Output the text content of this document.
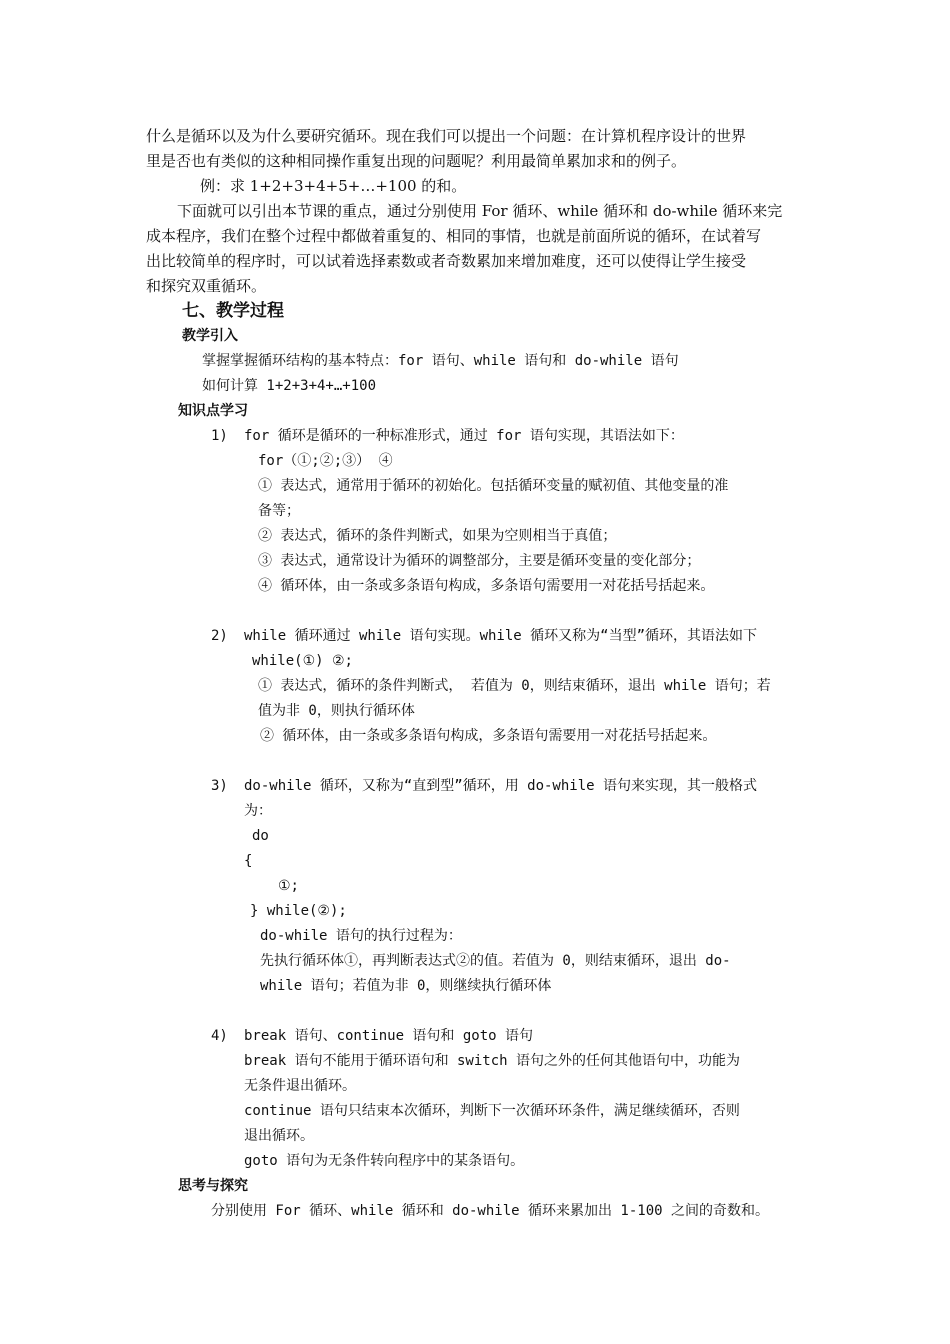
什么是循环以及为什么要研究循环。现在我们可以提出一个问题：在计算机程序设计的世界
里是否也有类似的这种相同操作重复出现的问题呢？利用最简单累加求和的例子。
例：求 1+2+3+4+5+…+100 的和。
下面就可以引出本节课的重点，通过分别使用 For 循环、while 循环和 do-while 循环来完
成本程序，我们在整个过程中都做着重复的、相同的事情，也就是前面所说的循环，在试着写
出比较简单的程序时，可以试着选择素数或者奇数累加来增加难度，还可以使得让学生接受
和探究双重循环。
七、教学过程
教学引入
掌握掌握循环结构的基本特点：for 语句、while 语句和 do-while 语句
如何计算 1+2+3+4+…+100
知识点学习
1) for 循环是循环的一种标准形式，通过 for 语句实现，其语法如下：
for（①;②;③） ④
① 表达式，通常用于循环的初始化。包括循环变量的赋初值、其他变量的准
备等；
② 表达式，循环的条件判断式，如果为空则相当于真值；
③ 表达式，通常设计为循环的调整部分，主要是循环变量的变化部分；
④ 循环体，由一条或多条语句构成，多条语句需要用一对花括号括起来。
2) while 循环通过 while 语句实现。while 循环又称为“当型”循环，其语法如下
while(①) ②;
① 表达式，循环的条件判断式， 若值为 0，则结束循环，退出 while 语句；若
值为非 0，则执行循环体
② 循环体，由一条或多条语句构成，多条语句需要用一对花括号括起来。
3) do-while 循环，又称为“直到型”循环，用 do-while 语句来实现，其一般格式
为：
do
{
①;
} while(②);
do-while 语句的执行过程为：
先执行循环体①，再判断表达式②的值。若值为 0，则结束循环，退出 do-
while 语句；若值为非 0，则继续执行循环体
4) break 语句、continue 语句和 goto 语句
break 语句不能用于循环语句和 switch 语句之外的任何其他语句中，功能为
无条件退出循环。
continue 语句只结束本次循环，判断下一次循环环条件，满足继续循环，否则
退出循环。
goto 语句为无条件转向程序中的某条语句。
思考与探究
分别使用 For 循环、while 循环和 do-while 循环来累加出 1-100 之间的奇数和。
